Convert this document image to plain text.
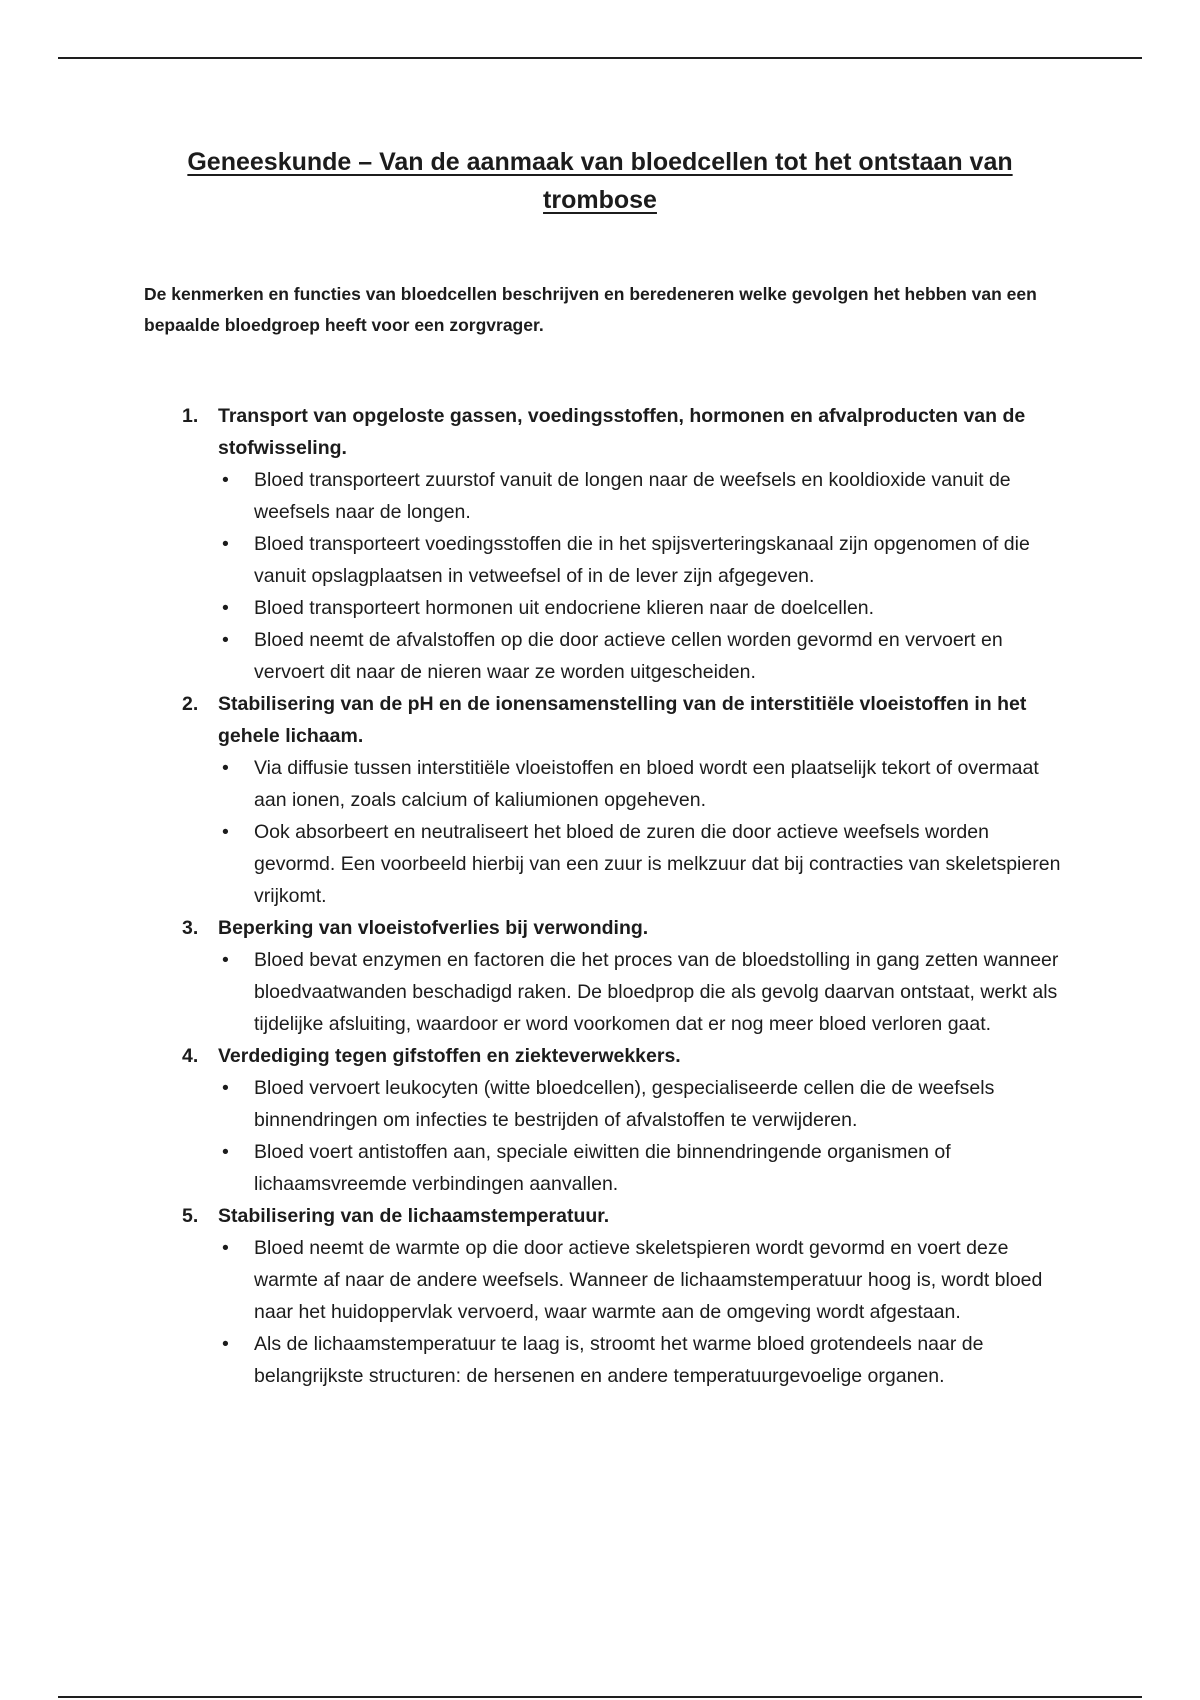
Geneeskunde – Van de aanmaak van bloedcellen tot het ontstaan van trombose

De kenmerken en functies van bloedcellen beschrijven en beredeneren welke gevolgen het hebben van een bepaalde bloedgroep heeft voor een zorgvrager.

1. Transport van opgeloste gassen, voedingsstoffen, hormonen en afvalproducten van de stofwisseling.
• Bloed transporteert zuurstof vanuit de longen naar de weefsels en kooldioxide vanuit de weefsels naar de longen.
• Bloed transporteert voedingsstoffen die in het spijsverteringskanaal zijn opgenomen of die vanuit opslagplaatsen in vetweefsel of in de lever zijn afgegeven.
• Bloed transporteert hormonen uit endocriene klieren naar de doelcellen.
• Bloed neemt de afvalstoffen op die door actieve cellen worden gevormd en vervoert en vervoert dit naar de nieren waar ze worden uitgescheiden.
2. Stabilisering van de pH en de ionensamenstelling van de interstitiële vloeistoffen in het gehele lichaam.
• Via diffusie tussen interstitiële vloeistoffen en bloed wordt een plaatselijk tekort of overmaat aan ionen, zoals calcium of kaliumionen opgeheven.
• Ook absorbeert en neutraliseert het bloed de zuren die door actieve weefsels worden gevormd. Een voorbeeld hierbij van een zuur is melkzuur dat bij contracties van skeletspieren vrijkomt.
3. Beperking van vloeistofverlies bij verwonding.
• Bloed bevat enzymen en factoren die het proces van de bloedstolling in gang zetten wanneer bloedvaatwanden beschadigd raken. De bloedprop die als gevolg daarvan ontstaat, werkt als tijdelijke afsluiting, waardoor er word voorkomen dat er nog meer bloed verloren gaat.
4. Verdediging tegen gifstoffen en ziekteverwekkers.
• Bloed vervoert leukocyten (witte bloedcellen), gespecialiseerde cellen die de weefsels binnendringen om infecties te bestrijden of afvalstoffen te verwijderen.
• Bloed voert antistoffen aan, speciale eiwitten die binnendringende organismen of lichaamsvreemde verbindingen aanvallen.
5. Stabilisering van de lichaamstemperatuur.
• Bloed neemt de warmte op die door actieve skeletspieren wordt gevormd en voert deze warmte af naar de andere weefsels. Wanneer de lichaamstemperatuur hoog is, wordt bloed naar het huidoppervlak vervoerd, waar warmte aan de omgeving wordt afgestaan.
• Als de lichaamstemperatuur te laag is, stroomt het warme bloed grotendeels naar de belangrijkste structuren: de hersenen en andere temperatuurgevoelige organen.
